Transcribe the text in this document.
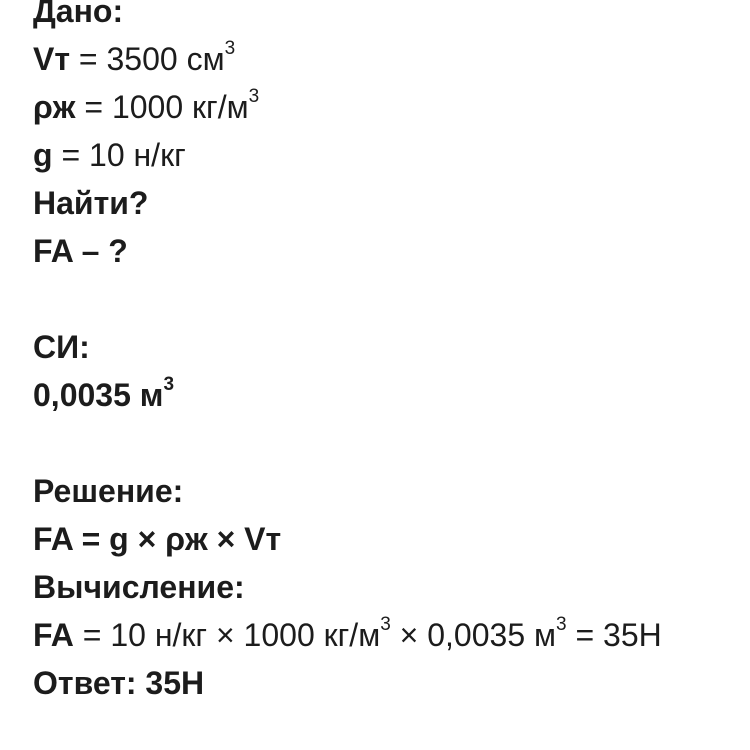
Дано:
Vт = 3500 $см^3$
ρж = 1000 $кг/м^3$
g = 10 н/кг
Найти?
FA – ?
СИ:
0,0035 $м^3$
Решение:
FA = g × ρж × Vт
Вычисление:
FA = 10 н/кг × 1000 $кг/м^3 \times 0,0035$ $м^3 = 35Н$
Ответ: 35Н
